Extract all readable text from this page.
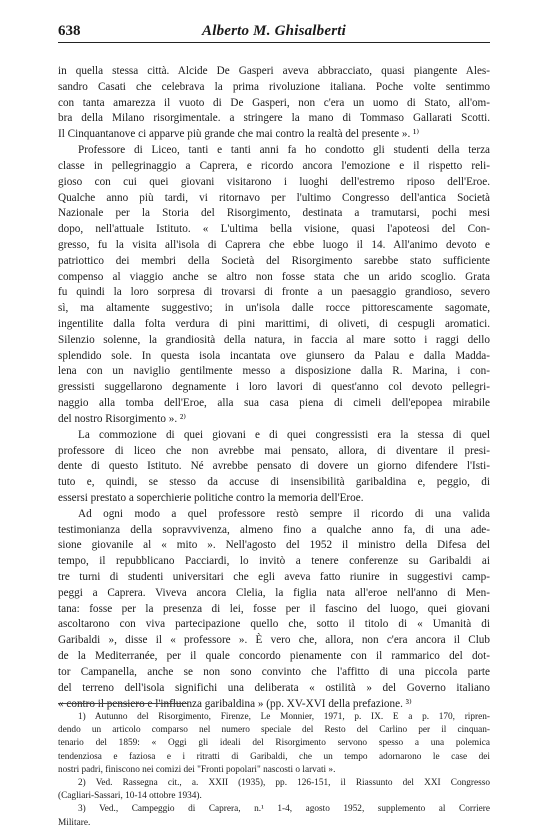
638	Alberto M. Ghisalberti
in quella stessa città. Alcide De Gasperi aveva abbracciato, quasi piangente Ales-
sandro Casati che celebrava la prima rivoluzione italiana. Poche volte sentimmo
con tanta amarezza il vuoto di De Gasperi, non c'era un uomo di Stato, all'om-
bra della Milano risorgimentale. a stringere la mano di Tommaso Gallarati Scotti.
Il Cinquantanove ci apparve più grande che mai contro la realtà del presente ». ¹⁾
Professore di Liceo, tanti e tanti anni fa ho condotto gli studenti della terza
classe in pellegrinaggio a Caprera, e ricordo ancora l'emozione e il rispetto reli-
gioso con cui quei giovani visitarono i luoghi dell'estremo riposo dell'Eroe.
Qualche anno più tardi, vi ritornavo per l'ultimo Congresso dell'antica Società
Nazionale per la Storia del Risorgimento, destinata a tramutarsi, pochi mesi
dopo, nell'attuale Istituto. « L'ultima bella visione, quasi l'apoteosi del Con-
gresso, fu la visita all'isola di Caprera che ebbe luogo il 14. All'animo devoto e
patriottico dei membri della Società del Risorgimento sarebbe stato sufficiente
compenso al viaggio anche se altro non fosse stata che un arido scoglio. Grata
fu quindi la loro sorpresa di trovarsi di fronte a un paesaggio grandioso, severo
sì, ma altamente suggestivo; in un'isola dalle rocce pittorescamente sagomate,
ingentilite dalla folta verdura di pini marittimi, di oliveti, di cespugli aromatici.
Silenzio solenne, la grandiosità della natura, in faccia al mare sotto i raggi dello
splendido sole. In questa isola incantata ove giunsero da Palau e dalla Madda-
lena con un naviglio gentilmente messo a disposizione dalla R. Marina, i con-
gressisti suggellarono degnamente i loro lavori di quest'anno col devoto pellegri-
naggio alla tomba dell'Eroe, alla sua casa piena di cimeli dell'epopea mirabile
del nostro Risorgimento ». ²⁾
La commozione di quei giovani e di quei congressisti era la stessa di quel
professore di liceo che non avrebbe mai pensato, allora, di diventare il presi-
dente di questo Istituto. Né avrebbe pensato di dovere un giorno difendere l'Isti-
tuto e, quindi, se stesso da accuse di insensibilità garibaldina e, peggio, di
essersi prestato a soperchierie politiche contro la memoria dell'Eroe.
Ad ogni modo a quel professore restò sempre il ricordo di una valida
testimonianza della sopravvivenza, almeno fino a qualche anno fa, di una ade-
sione giovanile al « mito ». Nell'agosto del 1952 il ministro della Difesa del
tempo, il repubblicano Pacciardi, lo invitò a tenere conferenze su Garibaldi ai
tre turni di studenti universitari che egli aveva fatto riunire in suggestivi camp-
peggi a Caprera. Viveva ancora Clelia, la figlia nata all'eroe nell'anno di Men-
tana: fosse per la presenza di lei, fosse per il fascino del luogo, quei giovani
ascoltarono con viva partecipazione quello che, sotto il titolo di « Umanità di
Garibaldi », disse il « professore ». È vero che, allora, non c'era ancora il Club
de la Mediterranée, per il quale concordo pienamente con il rammarico del dot-
tor Campanella, anche se non sono convinto che l'affitto di una piccola parte
del terreno dell'isola significhi una deliberata « ostilità » del Governo italiano
« contro il pensiero e l'influenza garibaldina » (pp. XV-XVI della prefazione. ³⁾
1) Autunno del Risorgimento, Firenze, Le Monnier, 1971, p. IX. E a p. 170, ripren-
dendo un articolo comparso nel numero speciale del Resto del Carlino per il cinquan-
tenario del 1859: « Oggi gli ideali del Risorgimento servono spesso a una polemica
tendenziosa e faziosa e i ritratti di Garibaldi, che un tempo adornarono le case dei
nostri padri, finiscono nei comizi dei "Fronti popolari" nascosti o larvati ».
2) Ved. Rassegna cit., a. XXII (1935), pp. 126-151, il Riassunto del XXI Congresso
(Cagliari-Sassari, 10-14 ottobre 1934).
3) Ved., Campeggio di Caprera, n.¹ 1-4, agosto 1952, supplemento al Corriere
Militare.
